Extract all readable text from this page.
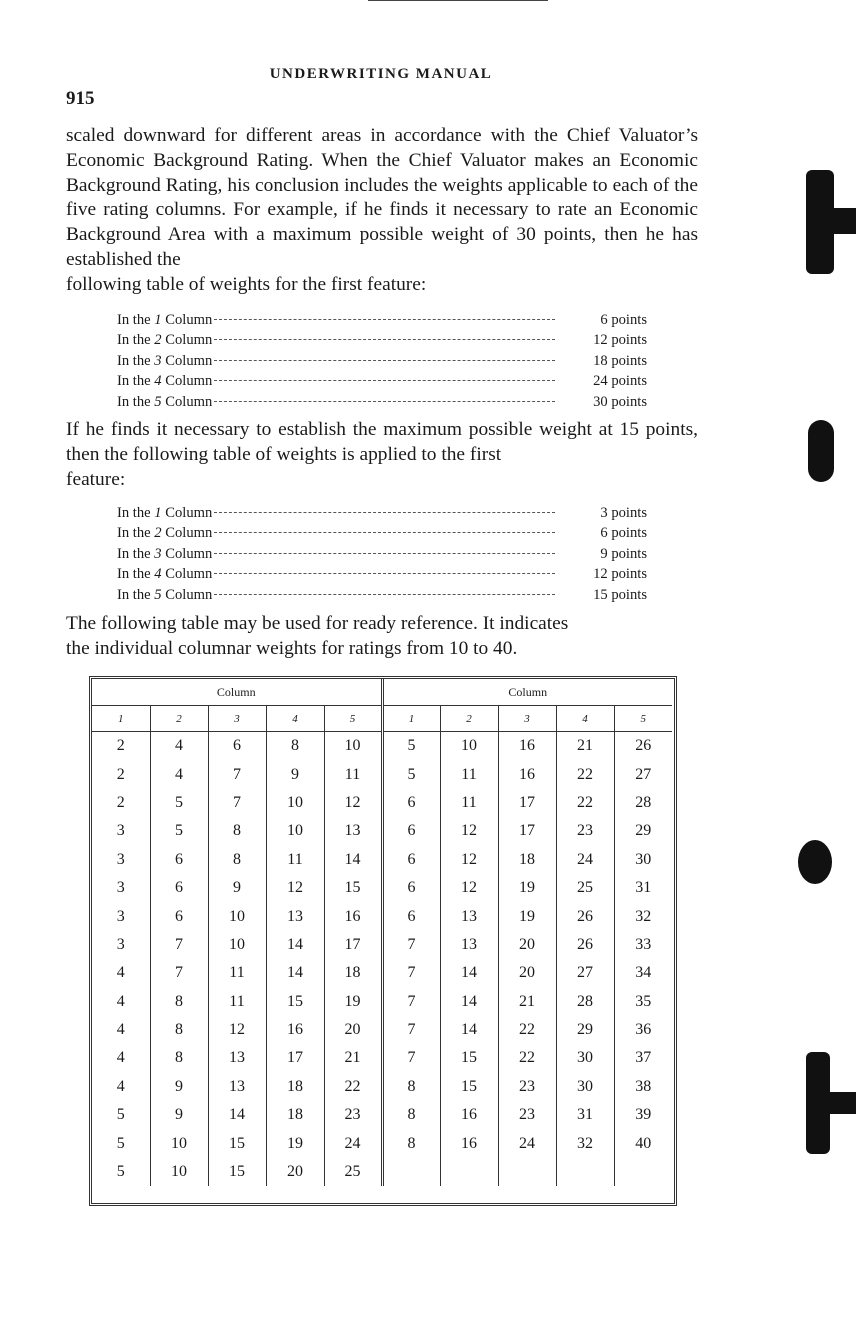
UNDERWRITING MANUAL
915
scaled downward for different areas in accordance with the Chief Valuator’s Economic Background Rating. When the Chief Valuator makes an Economic Background Rating, his conclusion includes the weights applicable to each of the five rating columns. For example, if he finds it necessary to rate an Economic Background Area with a maximum possible weight of 30 points, then he has established the
following table of weights for the first feature:
In the 1 Column	6 points
In the 2 Column	12 points
In the 3 Column	18 points
In the 4 Column	24 points
In the 5 Column	30 points
If he finds it necessary to establish the maximum possible weight at 15 points, then the following table of weights is applied to the first
feature:
In the 1 Column	3 points
In the 2 Column	6 points
In the 3 Column	9 points
In the 4 Column	12 points
In the 5 Column	15 points
The following table may be used for ready reference. It indicates
the individual columnar weights for ratings from 10 to 40.
Column					Column				
1	2	3	4	5	1	2	3	4	5
2	4	6	8	10	5	10	16	21	26
2	4	7	9	11	5	11	16	22	27
2	5	7	10	12	6	11	17	22	28
3	5	8	10	13	6	12	17	23	29
3	6	8	11	14	6	12	18	24	30
3	6	9	12	15	6	12	19	25	31
3	6	10	13	16	6	13	19	26	32
3	7	10	14	17	7	13	20	26	33
4	7	11	14	18	7	14	20	27	34
4	8	11	15	19	7	14	21	28	35
4	8	12	16	20	7	14	22	29	36
4	8	13	17	21	7	15	22	30	37
4	9	13	18	22	8	15	23	30	38
5	9	14	18	23	8	16	23	31	39
5	10	15	19	24	8	16	24	32	40
5	10	15	20	25					
